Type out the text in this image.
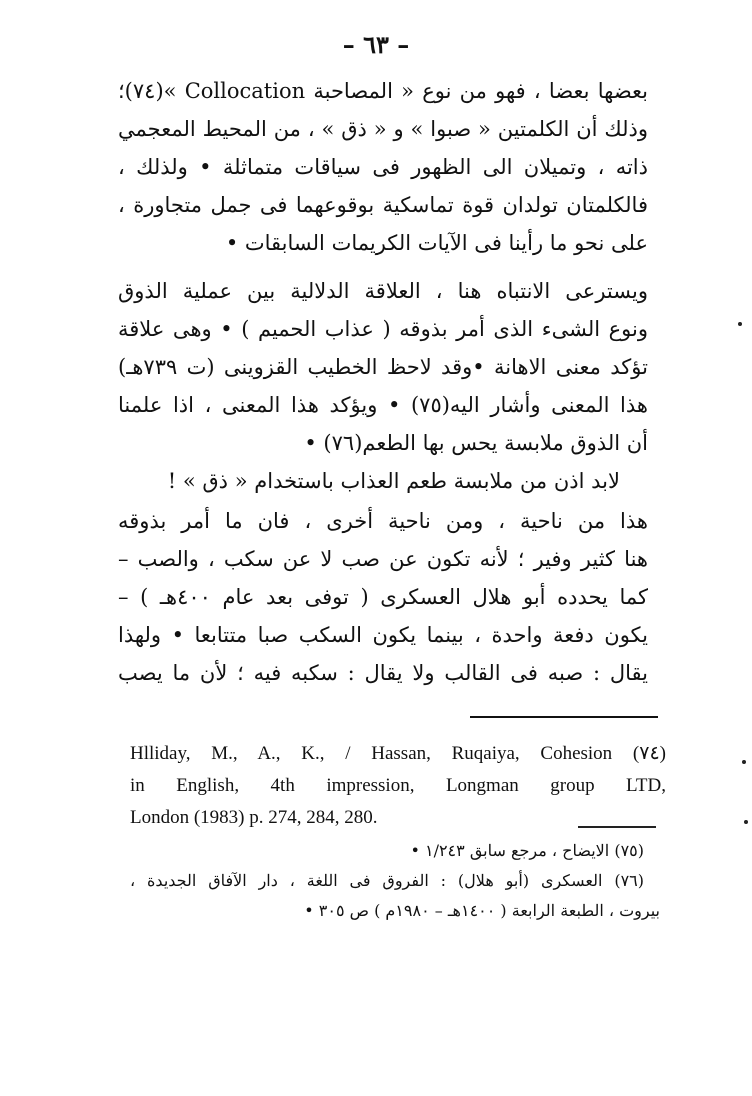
– ٦٣ –
بعضها بعضا ، فهو من نوع « المصاحبة Collocation »(٧٤)؛
وذلك أن الكلمتين « صبوا » و « ذق » ، من المحيط المعجمي
ذاته ، وتميلان الى الظهور فى سياقات متماثلة • ولذلك ،
فالكلمتان تولدان قوة تماسكية بوقوعهما فى جمل متجاورة ،
على نحو ما رأينا فى الآيات الكريمات السابقات •
ويسترعى الانتباه هنا ، العلاقة الدلالية بين عملية الذوق
ونوع الشىء الذى أمر بذوقه ( عذاب الحميم ) • وهى علاقة
تؤكد معنى الاهانة •وقد لاحظ الخطيب القزوينى (ت ٧٣٩هـ)
هذا المعنى وأشار اليه(٧٥) • ويؤكد هذا المعنى ، اذا علمنا
أن الذوق ملابسة يحس بها الطعم(٧٦) •
لابد اذن من ملابسة طعم العذاب باستخدام « ذق » !
هذا من ناحية ، ومن ناحية أخرى ، فان ما أمر بذوقه
هنا كثير وفير ؛ لأنه تكون عن صب لا عن سكب ، والصب –
كما يحدده أبو هلال العسكرى ( توفى بعد عام ٤٠٠هـ ) –
يكون دفعة واحدة ، بينما يكون السكب صبا متتابعا • ولهذا
يقال : صبه فى القالب ولا يقال : سكبه فيه ؛ لأن ما يصب
Hlliday, M., A., K., / Hassan, Ruqaiya, Cohesion (٧٤)
in English, 4th impression, Longman group LTD,
London (1983) p. 274, 284, 280.
(٧٥) الايضاح ، مرجع سابق ١/٢٤٣ •
(٧٦) العسكرى (أبو هلال) : الفروق فى اللغة ، دار الآفاق الجديدة ،
بيروت ، الطبعة الرابعة ( ١٤٠٠هـ – ١٩٨٠م ) ص ٣٠٥ •
